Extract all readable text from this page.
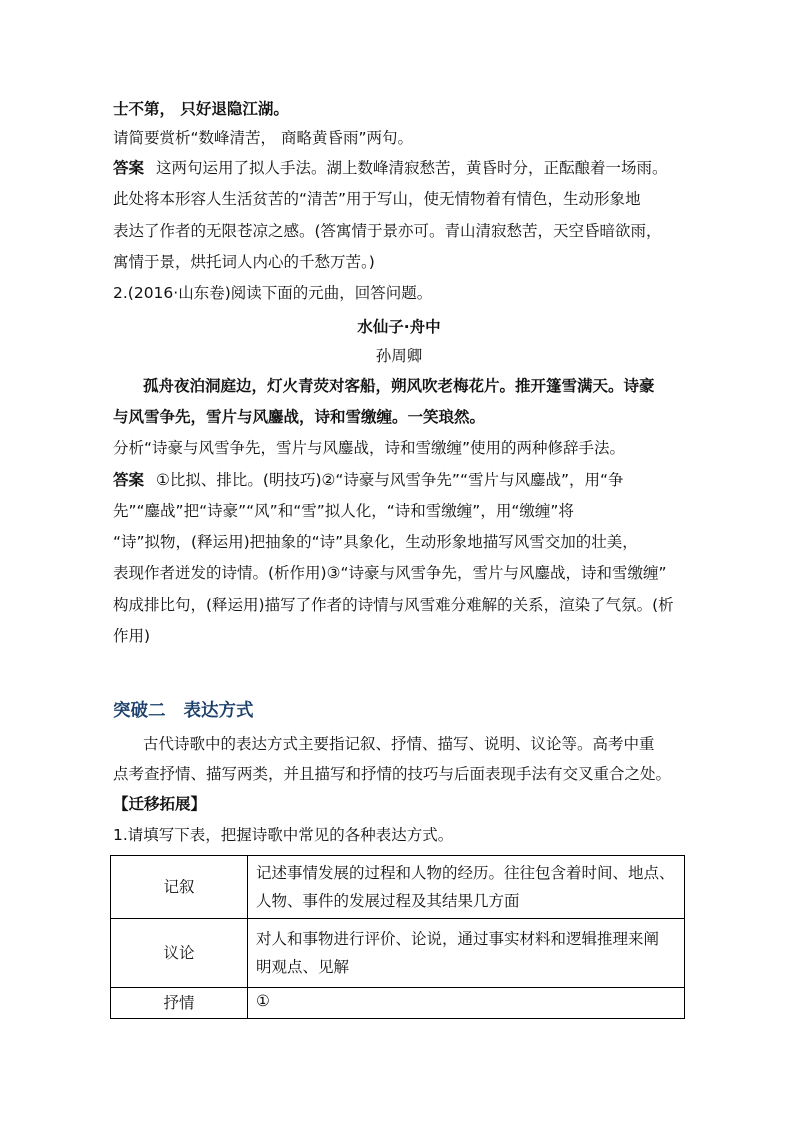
士不第， 只好退隐江湖。
请简要赏析“数峰清苦， 商略黄昏雨”两句。
答案 这两句运用了拟人手法。湖上数峰清寂愁苦，黄昏时分，正酝酿着一场雨。
此处将本形容人生活贫苦的“清苦”用于写山，使无情物着有情色，生动形象地
表达了作者的无限苍凉之感。(答寓情于景亦可。青山清寂愁苦，天空昏暗欲雨，
寓情于景，烘托词人内心的千愁万苦。)
2.(2016·山东卷)阅读下面的元曲，回答问题。
水仙子·舟中
孙周卿
孤舟夜泊洞庭边，灯火青荧对客船，朔风吹老梅花片。推开篷雪满天。诗豪
与风雪争先，雪片与风鏖战，诗和雪缴缠。一笑琅然。
分析“诗豪与风雪争先，雪片与风鏖战，诗和雪缴缠”使用的两种修辞手法。
答案 ①比拟、排比。(明技巧)②“诗豪与风雪争先”“雪片与风鏖战”，用“争
先”“鏖战”把“诗豪”“风”和“雪”拟人化，“诗和雪缴缠”，用“缴缠”将
“诗”拟物，(释运用)把抽象的“诗”具象化，生动形象地描写风雪交加的壮美，
表现作者迸发的诗情。(析作用)③“诗豪与风雪争先，雪片与风鏖战，诗和雪缴缠”
构成排比句，(释运用)描写了作者的诗情与风雪难分难解的关系，渲染了气氛。(析
作用)
突破二 表达方式
古代诗歌中的表达方式主要指记叙、抒情、描写、说明、议论等。高考中重
点考查抒情、描写两类，并且描写和抒情的技巧与后面表现手法有交叉重合之处。
【迁移拓展】
1.请填写下表，把握诗歌中常见的各种表达方式。
记叙	记述事情发展的过程和人物的经历。往往包含着时间、地点、
人物、事件的发展过程及其结果几方面

议论	对人和事物进行评价、论说，通过事实材料和逻辑推理来阐
明观点、见解

抒情	①
